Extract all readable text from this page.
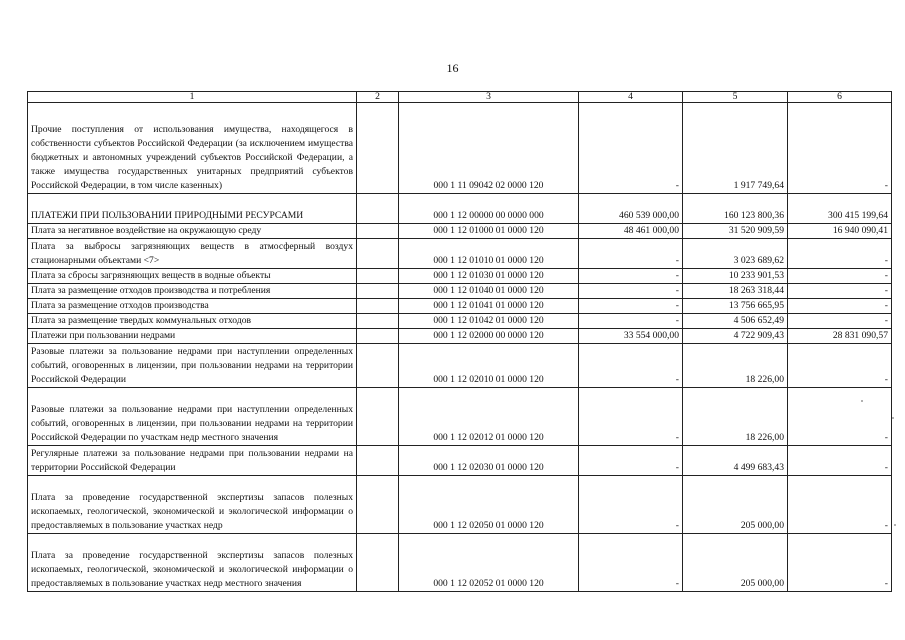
16
1	2	3	4	5	6
Прочие поступления от использования имущества, находящегося в собственности субъектов Российской Федерации (за исключением имущества бюджетных и автономных учреждений субъектов Российской Федерации, а также имущества государственных унитарных предприятий субъектов Российской Федерации, в том числе казенных)		000 1 11 09042 02 0000 120	-	1 917 749,64	-
ПЛАТЕЖИ ПРИ ПОЛЬЗОВАНИИ ПРИРОДНЫМИ РЕСУРСАМИ		000 1 12 00000 00 0000 000	460 539 000,00	160 123 800,36	300 415 199,64
Плата за негативное воздействие на окружающую среду		000 1 12 01000 01 0000 120	48 461 000,00	31 520 909,59	16 940 090,41
Плата за выбросы загрязняющих веществ в атмосферный воздух стационарными объектами <7>		000 1 12 01010 01 0000 120	-	3 023 689,62	-
Плата за сбросы загрязняющих веществ в водные объекты		000 1 12 01030 01 0000 120	-	10 233 901,53	-
Плата за размещение отходов производства и потребления		000 1 12 01040 01 0000 120	-	18 263 318,44	-
Плата за размещение отходов производства		000 1 12 01041 01 0000 120	-	13 756 665,95	-
Плата за размещение твердых коммунальных отходов		000 1 12 01042 01 0000 120	-	4 506 652,49	-
Платежи при пользовании недрами		000 1 12 02000 00 0000 120	33 554 000,00	4 722 909,43	28 831 090,57
Разовые платежи за пользование недрами при наступлении определенных событий, оговоренных в лицензии, при пользовании недрами на территории Российской Федерации		000 1 12 02010 01 0000 120	-	18 226,00	-
Разовые платежи за пользование недрами при наступлении определенных событий, оговоренных в лицензии, при пользовании недрами на территории Российской Федерации по участкам недр местного значения		000 1 12 02012 01 0000 120	-	18 226,00	-
Регулярные платежи за пользование недрами при пользовании недрами на территории Российской Федерации		000 1 12 02030 01 0000 120	-	4 499 683,43	-
Плата за проведение государственной экспертизы запасов полезных ископаемых, геологической, экономической и экологической информации о предоставляемых в пользование участках недр		000 1 12 02050 01 0000 120	-	205 000,00	-
Плата за проведение государственной экспертизы запасов полезных ископаемых, геологической, экономической и экологической информации о предоставляемых в пользование участках недр местного значения		000 1 12 02052 01 0000 120	-	205 000,00	-
